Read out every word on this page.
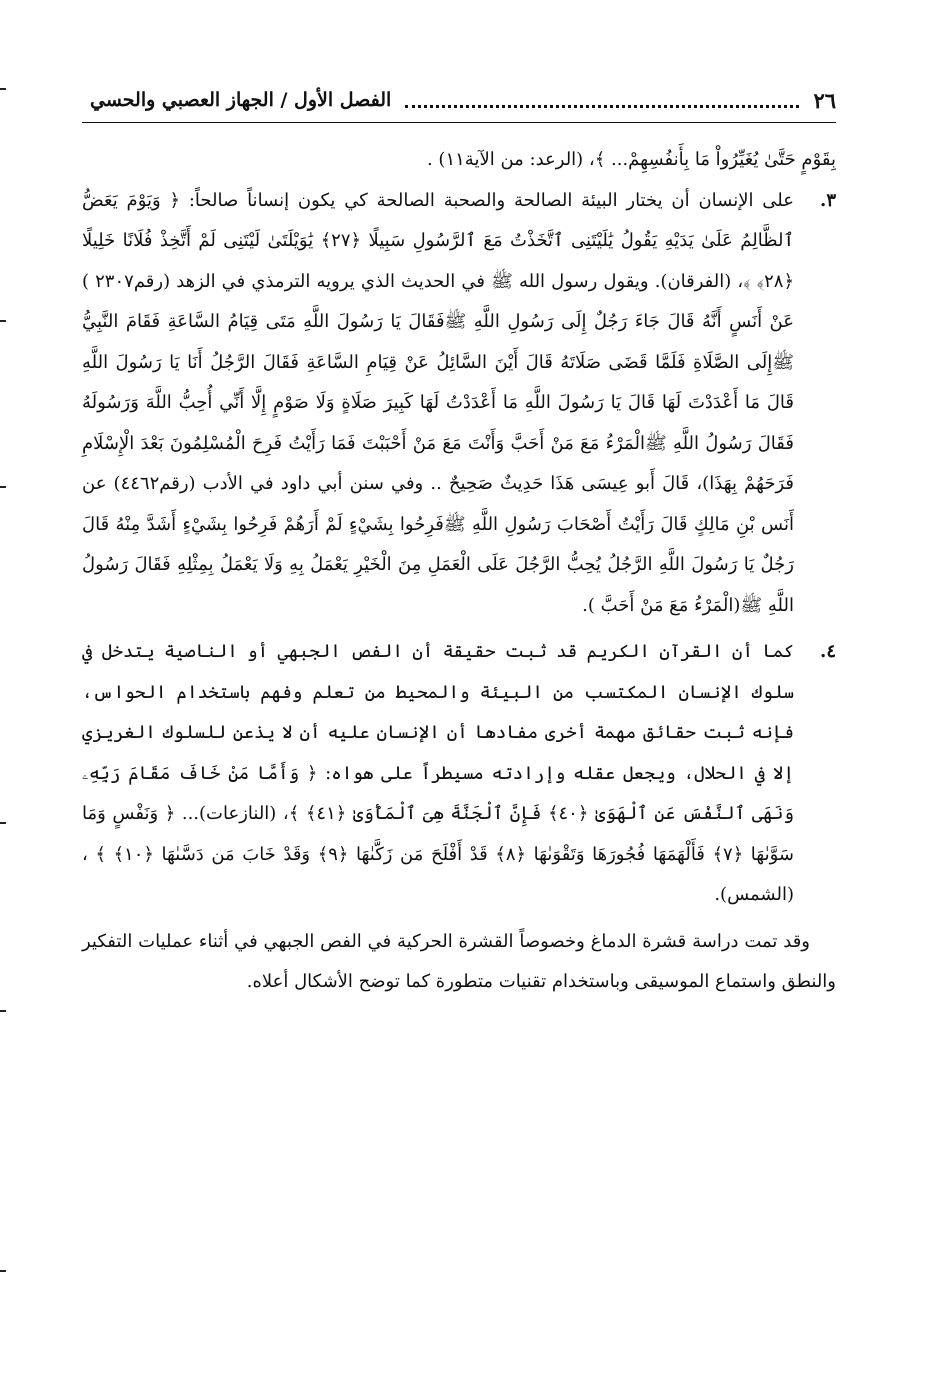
٢٦
الفصل الأول / الجهاز العصبي والحسي

بِقَوْمٍ حَتَّىٰ يُغَيِّرُواْ مَا بِأَنفُسِهِمْ... ﴾، (الرعد: من الآية١١) .

٣.

على الإنسان أن يختار البيئة الصالحة والصحبة الصالحة كي يكون إنساناً صالحاً: ﴿ وَيَوْمَ يَعَضُّ ٱلظَّالِمُ عَلَىٰ يَدَيْهِ يَقُولُ يَٰلَيْتَنِى ٱتَّخَذْتُ مَعَ ٱلرَّسُولِ سَبِيلًا ﴿٢٧﴾ يَٰوَيْلَتَىٰ لَيْتَنِى لَمْ أَتَّخِذْ فُلَانًا خَلِيلًا ﴿٢٨﴾ ﴾، (الفرقان). ويقول رسول الله ﷺ في الحديث الذي يرويه الترمذي في الزهد (رقم٢٣٠٧ ) عَنْ أَنَسٍ أَنَّهُ قَالَ جَاءَ رَجُلٌ إِلَى رَسُولِ اللَّهِ ﷺفَقَالَ يَا رَسُولَ اللَّهِ مَتَى قِيَامُ السَّاعَةِ فَقَامَ النَّبِيُّ ﷺإِلَى الصَّلَاةِ فَلَمَّا قَضَى صَلَاتَهُ قَالَ أَيْنَ السَّائِلُ عَنْ قِيَامِ السَّاعَةِ فَقَالَ الرَّجُلُ أَنَا يَا رَسُولَ اللَّهِ قَالَ مَا أَعْدَدْتَ لَهَا قَالَ يَا رَسُولَ اللَّهِ مَا أَعْدَدْتُ لَهَا كَبِيرَ صَلَاةٍ وَلَا صَوْمٍ إِلَّا أَنِّي أُحِبُّ اللَّهَ وَرَسُولَهُ فَقَالَ رَسُولُ اللَّهِ ﷺالْمَرْءُ مَعَ مَنْ أَحَبَّ وَأَنْتَ مَعَ مَنْ أَحْبَبْتَ فَمَا رَأَيْتُ فَرِحَ الْمُسْلِمُونَ بَعْدَ الْإِسْلَامِ فَرَحَهُمْ بِهَذَا)، قَالَ أَبو عِيسَى هَذَا حَدِيثٌ صَحِيحٌ .. وفي سنن أبي داود في الأدب (رقم٤٤٦٢) عن أَنَس بْنِ مَالِكٍ قَالَ رَأَيْتُ أَصْحَابَ رَسُولِ اللَّهِ ﷺفَرِحُوا بِشَيْءٍ لَمْ أَرَهُمْ فَرِحُوا بِشَيْءٍ أَشَدَّ مِنْهُ قَالَ رَجُلٌ يَا رَسُولَ اللَّهِ الرَّجُلُ يُحِبُّ الرَّجُلَ عَلَى الْعَمَلِ مِنَ الْخَيْرِ يَعْمَلُ بِهِ وَلَا يَعْمَلُ بِمِثْلِهِ فَقَالَ رَسُولُ اللَّهِ ﷺ(الْمَرْءُ مَعَ مَنْ أَحَبَّ ).

٤.

كما أن القرآن الكريم قد ثبت حقيقة أن الفص الجبهي أو الناصية يتدخل في سلوك الإنسان المكتسب من البيئة والمحيط من تعلم وفهم باستخدام الحواس، فإنه ثبت حقائق مهمة أخرى مفادها أن الإنسان عليه أن لا يذعن للسلوك الغريزي إلا في الحلال، ويجعل عقله وإرادته مسيطراً على هواه: ﴿ وَأَمَّا مَنْ خَافَ مَقَامَ رَبِّهِۦ وَنَهَى ٱلنَّفْسَ عَنِ ٱلْهَوَىٰ ﴿٤٠﴾ فَإِنَّ ٱلْجَنَّةَ هِىَ ٱلْمَأْوَىٰ ﴿٤١﴾ ﴾، (النازعات)... ﴿ وَنَفْسٍ وَمَا سَوَّىٰهَا ﴿٧﴾ فَأَلْهَمَهَا فُجُورَهَا وَتَقْوَىٰهَا ﴿٨﴾ قَدْ أَفْلَحَ مَن زَكَّىٰهَا ﴿٩﴾ وَقَدْ خَابَ مَن دَسَّىٰهَا ﴿١٠﴾ ﴾ ، (الشمس).

وقد تمت دراسة قشرة الدماغ وخصوصاً القشرة الحركية في الفص الجبهي في أثناء عمليات التفكير والنطق واستماع الموسيقى وباستخدام تقنيات متطورة كما توضح الأشكال أعلاه.
